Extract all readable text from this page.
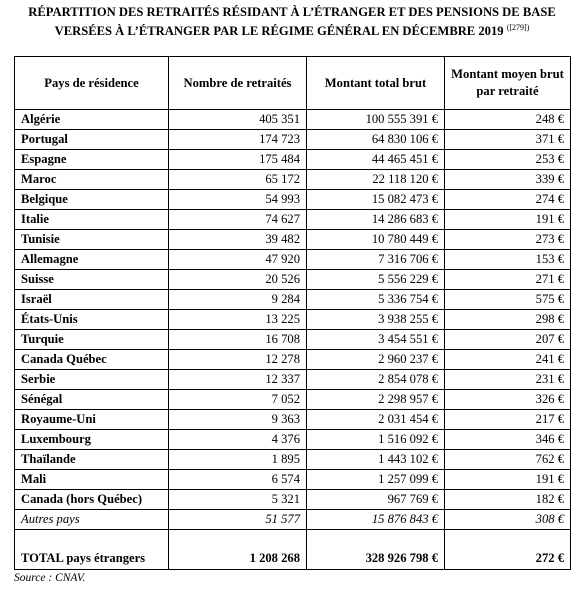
RÉPARTITION DES RETRAITÉS RÉSIDANT À L’ÉTRANGER ET DES PENSIONS DE BASE
VERSÉES À L’ÉTRANGER PAR LE RÉGIME GÉNÉRAL EN DÉCEMBRE 2019 $^{([279])}$
Pays de résidence	Nombre de retraités	Montant total brut	Montant moyen brut par retraité
Algérie	405 351	100 555 391 €	248 €
Portugal	174 723	64 830 106 €	371 €
Espagne	175 484	44 465 451 €	253 €
Maroc	65 172	22 118 120 €	339 €
Belgique	54 993	15 082 473 €	274 €
Italie	74 627	14 286 683 €	191 €
Tunisie	39 482	10 780 449 €	273 €
Allemagne	47 920	7 316 706 €	153 €
Suisse	20 526	5 556 229 €	271 €
Israël	9 284	5 336 754 €	575 €
États-Unis	13 225	3 938 255 €	298 €
Turquie	16 708	3 454 551 €	207 €
Canada Québec	12 278	2 960 237 €	241 €
Serbie	12 337	2 854 078 €	231 €
Sénégal	7 052	2 298 957 €	326 €
Royaume-Uni	9 363	2 031 454 €	217 €
Luxembourg	4 376	1 516 092 €	346 €
Thaïlande	1 895	1 443 102 €	762 €
Mali	6 574	1 257 099 €	191 €
Canada (hors Québec)	5 321	967 769 €	182 €
Autres pays	51 577	15 876 843 €	308 €
TOTAL pays étrangers	1 208 268	328 926 798 €	272 €
Source : CNAV.
